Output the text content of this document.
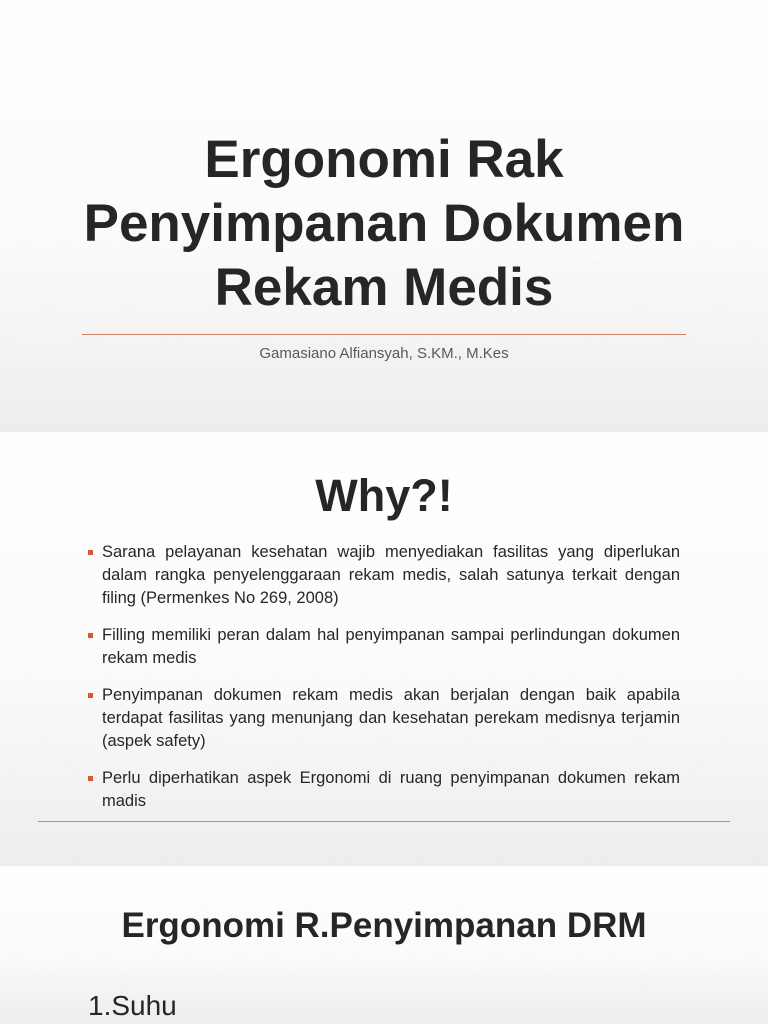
Ergonomi Rak
Penyimpanan Dokumen
Rekam Medis
Gamasiano Alfiansyah, S.KM., M.Kes
Why?!
Sarana pelayanan kesehatan wajib menyediakan fasilitas yang diperlukan dalam rangka penyelenggaraan rekam medis, salah satunya terkait dengan filing (Permenkes No 269, 2008)
Filling memiliki peran dalam hal penyimpanan sampai perlindungan dokumen rekam medis
Penyimpanan dokumen rekam medis akan berjalan dengan baik apabila terdapat fasilitas yang menunjang dan kesehatan perekam medisnya terjamin (aspek safety)
Perlu diperhatikan aspek Ergonomi di ruang penyimpanan dokumen rekam madis
Ergonomi R.Penyimpanan DRM
1.Suhu
